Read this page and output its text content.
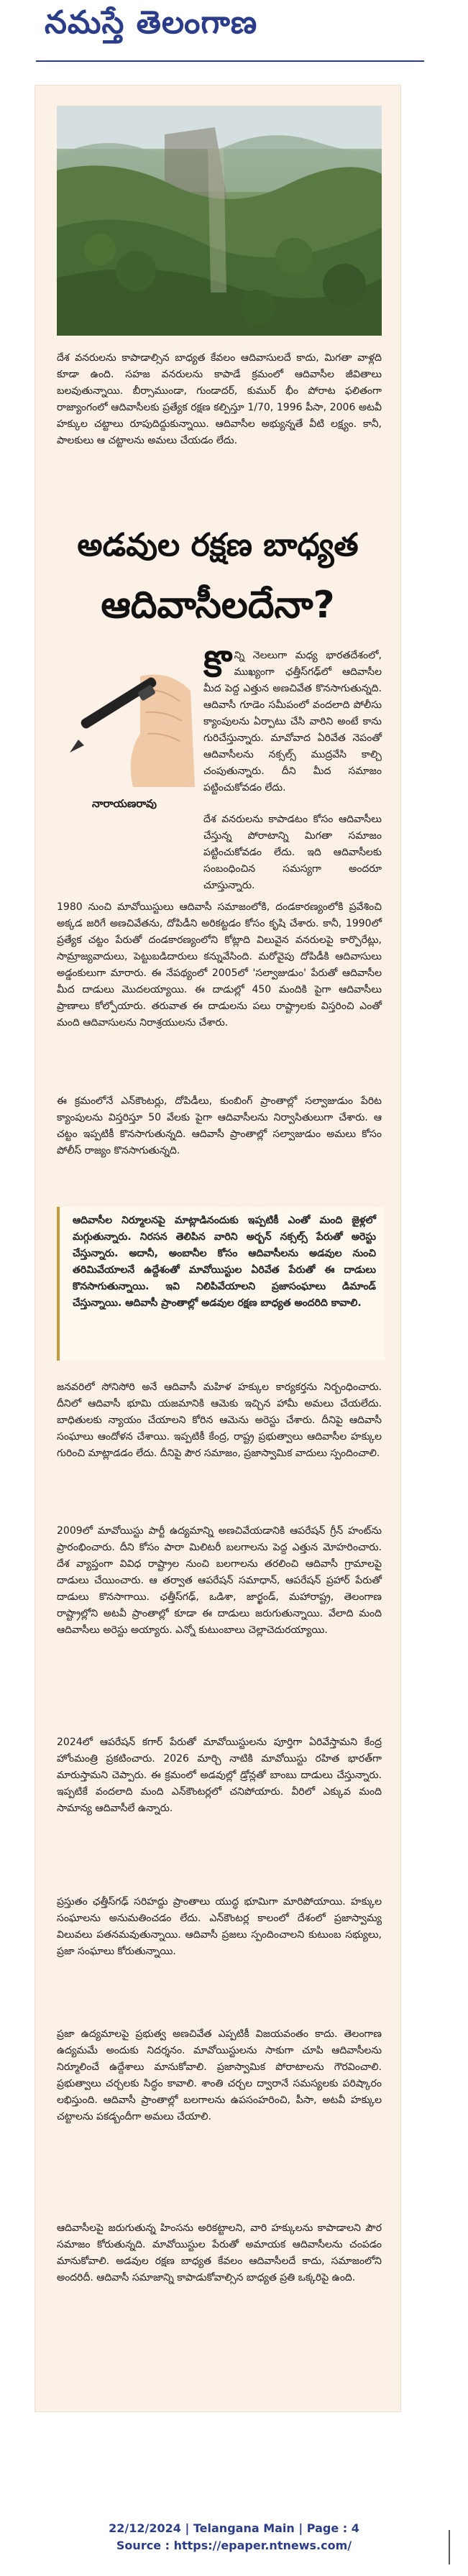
నమస్తే తెలంగాణ

దేశ వనరులను కాపాడాల్సిన బాధ్యత కేవలం ఆదివాసులదే కాదు, మిగతా వాళ్లది కూడా ఉంది. సహజ వనరులను కాపాడే క్రమంలో ఆదివాసీల జీవితాలు బలవుతున్నాయి. బీర్సాముండా, గుండాదర్, కుముర్ భీం పోరాట ఫలితంగా రాజ్యాంగంలో ఆదివాసీలకు ప్రత్యేక రక్షణ కల్పిస్తూ 1/70, 1996 పీసా, 2006 అటవీ హక్కుల చట్టాలు రూపుదిద్దుకున్నాయి. ఆదివాసీల అభ్యున్నతే వీటి లక్ష్యం. కానీ, పాలకులు ఆ చట్టాలను అమలు చేయడం లేదు.

అడవుల రక్షణ బాధ్యత
ఆదివాసీలదేనా?
నారాయణరావు
కొన్ని నెలలుగా మధ్య భారతదేశంలో, ముఖ్యంగా ఛత్తీస్‌గఢ్‌లో ఆదివాసీల మీద పెద్ద ఎత్తున అణచివేత కొనసాగుతున్నది. ఆదివాసీ గూడెం సమీపంలో వందలాది పోలీసు క్యాంపులను ఏర్పాటు చేసి వారిని అంటే కాను గురిచేస్తున్నారు. మావోవాద ఏరివేత నెపంతో ఆదివాసీలను నక్సల్స్ ముద్రవేసి కాల్చి చంపుతున్నారు. దీని మీద సమాజం పట్టించుకోవడం లేదు.

దేశ వనరులను కాపాడటం కోసం ఆదివాసీలు చేస్తున్న పోరాటాన్ని మిగతా సమాజం పట్టించుకోవడం లేదు. ఇది ఆదివాసీలకు సంబంధించిన సమస్యగా అందరూ చూస్తున్నారు.

1980 నుంచి మావోయిస్టులు ఆదివాసీ సమాజంలోకి, దండకారణ్యంలోకి ప్రవేశించి అక్కడ జరిగే అణచివేతను, దోపిడీని అరికట్టడం కోసం కృషి చేశారు. కానీ, 1990లో ప్రత్యేక చట్టం పేరుతో దండకారణ్యంలోని కోట్లాది విలువైన వనరులపై కార్పొరేట్లు, సామ్రాజ్యవాదులు, పెట్టుబడిదారులు కన్నువేసింది. మరోవైపు దోపిడీకి ఆదివాసులు అడ్డంకులుగా మారారు. ఈ నేపథ్యంలో 2005లో 'సల్వాజుడుం' పేరుతో ఆదివాసీల మీద దాడులు మొదలయ్యాయి. ఈ దాడుల్లో 450 మందికి పైగా ఆదివాసీలు ప్రాణాలు కోల్పోయారు. తరువాత ఈ దాడులను పలు రాష్ట్రాలకు విస్తరించి ఎంతో మంది ఆదివాసులను నిరాశ్రయులను చేశారు.

ఈ క్రమంలోనే ఎన్‌కౌంటర్లు, దోపిడీలు, కుంబింగ్ ప్రాంతాల్లో సల్వాజుడుం పేరిట క్యాంపులను విస్తరిస్తూ 50 వేలకు పైగా ఆదివాసీలను నిర్వాసితులుగా చేశారు. ఆ చట్టం ఇప్పటికీ కొనసాగుతున్నది. ఆదివాసీ ప్రాంతాల్లో సల్వాజుడుం అమలు కోసం పోలీస్ రాజ్యం కొనసాగుతున్నది.

ఆదివాసీల నిర్మూలనపై మాట్లాడినందుకు ఇప్పటికీ ఎంతో మంది జైళ్లలో మగ్గుతున్నారు. నిరసన తెలిపిన వారిని అర్బన్ నక్సల్స్ పేరుతో అరెస్టు చేస్తున్నారు. అదానీ, అంబానీల కోసం ఆదివాసీలను అడవుల నుంచి తరిమివేయాలనే ఉద్దేశంతో మావోయిస్టుల ఏరివేత పేరుతో ఈ దాడులు కొనసాగుతున్నాయి. ఇవి నిలిపివేయాలని ప్రజాసంఘాలు డిమాండ్ చేస్తున్నాయి. ఆదివాసీ ప్రాంతాల్లో అడవుల రక్షణ బాధ్యత అందరిది కావాలి.

జనవరిలో సోనిసోరి అనే ఆదివాసీ మహిళ హక్కుల కార్యకర్తను నిర్బంధించారు. దీనిలో ఆదివాసీ భూమి యజమానికి ఆమెకు ఇచ్చిన హామీ అమలు చేయలేదు. బాధితులకు న్యాయం చేయాలని కోరిన ఆమెను అరెస్టు చేశారు. దీనిపై ఆదివాసీ సంఘాలు ఆందోళన చేశాయి. ఇప్పటికీ కేంద్ర, రాష్ట్ర ప్రభుత్వాలు ఆదివాసీల హక్కుల గురించి మాట్లాడడం లేదు. దీనిపై పౌర సమాజం, ప్రజాస్వామిక వాదులు స్పందించాలి.

2009లో మావోయిస్టు పార్టీ ఉద్యమాన్ని అణచివేయడానికి ఆపరేషన్ గ్రీన్ హంట్‌ను ప్రారంభించారు. దీని కోసం పారా మిలిటరీ బలగాలను పెద్ద ఎత్తున మోహరించారు. దేశ వ్యాప్తంగా వివిధ రాష్ట్రాల నుంచి బలగాలను తరలించి ఆదివాసీ గ్రామాలపై దాడులు చేయించారు. ఆ తర్వాత ఆపరేషన్ సమాధాన్, ఆపరేషన్ ప్రహార్ పేరుతో దాడులు కొనసాగాయి. ఛత్తీస్‌గఢ్, ఒడిశా, జార్ఖండ్, మహారాష్ట్ర, తెలంగాణ రాష్ట్రాల్లోని అటవీ ప్రాంతాల్లో కూడా ఈ దాడులు జరుగుతున్నాయి. వేలాది మంది ఆదివాసీలు అరెస్టు అయ్యారు. ఎన్నో కుటుంబాలు చెల్లాచెదురయ్యాయి.

2024లో ఆపరేషన్ కగార్ పేరుతో మావోయిస్టులను పూర్తిగా ఏరివేస్తామని కేంద్ర హోంమంత్రి ప్రకటించారు. 2026 మార్చి నాటికి మావోయిస్టు రహిత భారత్‌గా మారుస్తామని చెప్పారు. ఈ క్రమంలో అడవుల్లో డ్రోన్లతో బాంబు దాడులు చేస్తున్నారు. ఇప్పటికే వందలాది మంది ఎన్‌కౌంటర్లలో చనిపోయారు. వీరిలో ఎక్కువ మంది సామాన్య ఆదివాసీలే ఉన్నారు.

ప్రస్తుతం ఛత్తీస్‌గఢ్ సరిహద్దు ప్రాంతాలు యుద్ధ భూమిగా మారిపోయాయి. హక్కుల సంఘాలను అనుమతించడం లేదు. ఎన్‌కౌంటర్ల కాలంలో దేశంలో ప్రజాస్వామ్య విలువలు పతనమవుతున్నాయి. ఆదివాసీ ప్రజలు స్పందించాలని కుటుంబ సభ్యులు, ప్రజా సంఘాలు కోరుతున్నాయి.

ప్రజా ఉద్యమాలపై ప్రభుత్వ అణచివేత ఎప్పటికీ విజయవంతం కాదు. తెలంగాణ ఉద్యమమే అందుకు నిదర్శనం. మావోయిస్టులను సాకుగా చూపి ఆదివాసీలను నిర్మూలించే ఉద్దేశాలు మానుకోవాలి. ప్రజాస్వామిక పోరాటాలను గౌరవించాలి. ప్రభుత్వాలు చర్చలకు సిద్ధం కావాలి. శాంతి చర్చల ద్వారానే సమస్యలకు పరిష్కారం లభిస్తుంది. ఆదివాసీ ప్రాంతాల్లో బలగాలను ఉపసంహరించి, పీసా, అటవీ హక్కుల చట్టాలను పకడ్బందీగా అమలు చేయాలి.

ఆదివాసీలపై జరుగుతున్న హింసను అరికట్టాలని, వారి హక్కులను కాపాడాలని పౌర సమాజం కోరుతున్నది. మావోయిస్టుల పేరుతో అమాయక ఆదివాసీలను చంపడం మానుకోవాలి. అడవుల రక్షణ బాధ్యత కేవలం ఆదివాసీలదే కాదు, సమాజంలోని అందరిదీ. ఆదివాసీ సమాజాన్ని కాపాడుకోవాల్సిన బాధ్యత ప్రతి ఒక్కరిపై ఉంది.

22/12/2024 | Telangana Main | Page : 4
Source : https://epaper.ntnews.com/
